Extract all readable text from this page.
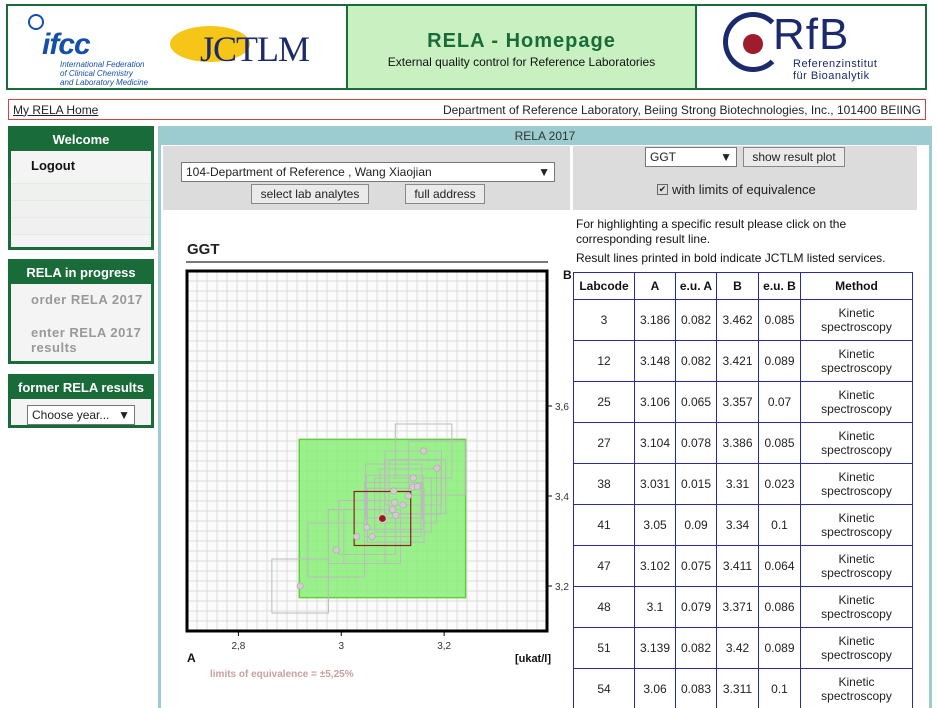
ifcc
International Federation
of Clinical Chemistry
and Laboratory Medicine
JCTLM	RELA - Homepage
External quality control for Reference Laboratories
RfB
Referenzinstitut
für Bioanalytik
My RELA Home	Department of Reference Laboratory, Beiing Strong Biotechnologies, Inc., 101400 BEIING
Welcome
Logout
RELA in progress
order RELA 2017
enter RELA 2017
results
former RELA results
Choose year... ▼
RELA 2017
104-Department of Reference , Wang Xiaojian	▼
select lab analytes	full address
GGT	▼	show result plot
✔ with limits of equivalence
For highlighting a specific result please click on the
corresponding result line.
Result lines printed in bold indicate JCTLM listed services.
GGT
2,8	3	3,2
3,2
3,4
3,6
B
A	[ukat/l]
limits of equivalence = ±5,25%
Labcode	A	e.u. A	B	e.u. B	Method
3	3.186	0.082	3.462	0.085	Kinetic
spectroscopy

12	3.148	0.082	3.421	0.089	Kinetic
spectroscopy

25	3.106	0.065	3.357	0.07	Kinetic
spectroscopy

27	3.104	0.078	3.386	0.085	Kinetic
spectroscopy

38	3.031	0.015	3.31	0.023	Kinetic
spectroscopy

41	3.05	0.09	3.34	0.1	Kinetic
spectroscopy

47	3.102	0.075	3.411	0.064	Kinetic
spectroscopy

48	3.1	0.079	3.371	0.086	Kinetic
spectroscopy

51	3.139	0.082	3.42	0.089	Kinetic
spectroscopy

54	3.06	0.083	3.311	0.1	Kinetic
spectroscopy
